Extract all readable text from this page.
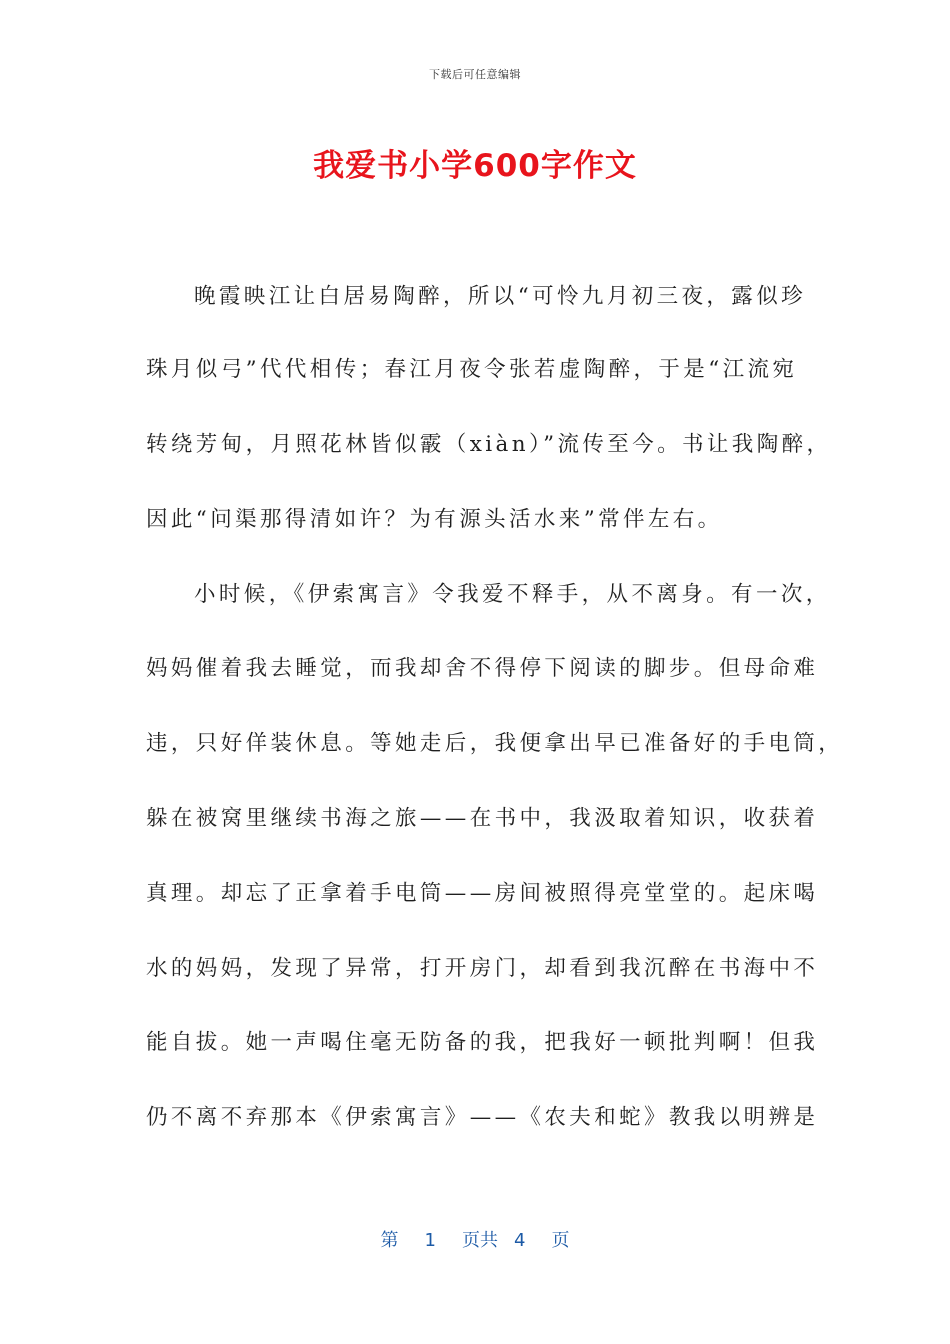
下载后可任意编辑
我爱书小学600字作文
晚霞映江让白居易陶醉，所以“可怜九月初三夜，露似珍
珠月似弓”代代相传；春江月夜令张若虚陶醉，于是“江流宛
转绕芳甸，月照花林皆似霰（xiàn）”流传至今。书让我陶醉，
因此“问渠那得清如许？为有源头活水来”常伴左右。
小时候，《伊索寓言》令我爱不释手，从不离身。有一次，
妈妈催着我去睡觉，而我却舍不得停下阅读的脚步。但母命难
违，只好佯装休息。等她走后，我便拿出早已准备好的手电筒，
躲在被窝里继续书海之旅——在书中，我汲取着知识，收获着
真理。却忘了正拿着手电筒——房间被照得亮堂堂的。起床喝
水的妈妈，发现了异常，打开房门，却看到我沉醉在书海中不
能自拔。她一声喝住毫无防备的我，把我好一顿批判啊！但我
仍不离不弃那本《伊索寓言》——《农夫和蛇》教我以明辨是
第 1 页共 4 页
